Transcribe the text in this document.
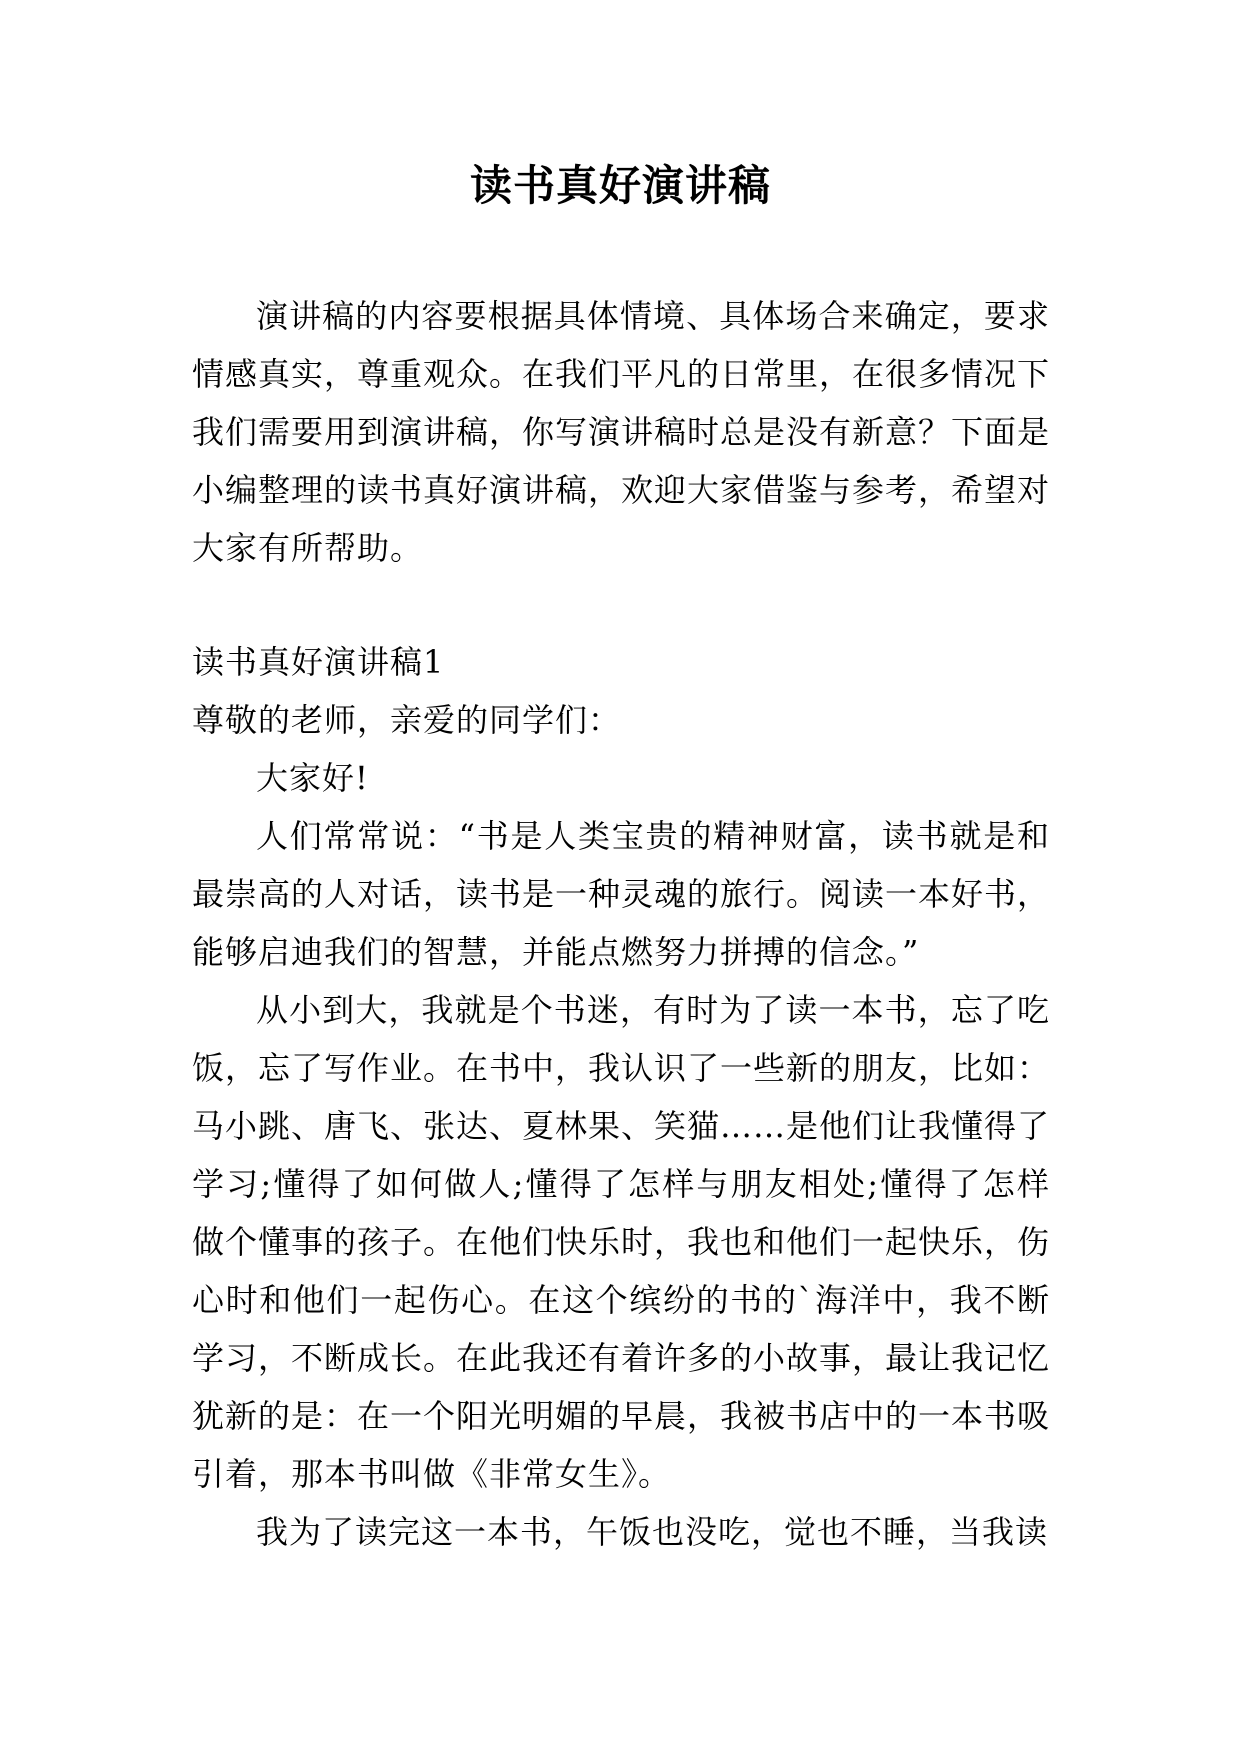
读书真好演讲稿

演讲稿的内容要根据具体情境、具体场合来确定，要求情感真实，尊重观众。在我们平凡的日常里，在很多情况下我们需要用到演讲稿，你写演讲稿时总是没有新意？下面是小编整理的读书真好演讲稿，欢迎大家借鉴与参考，希望对大家有所帮助。

读书真好演讲稿1

尊敬的老师，亲爱的同学们：

大家好!

人们常常说：“书是人类宝贵的精神财富，读书就是和最崇高的人对话，读书是一种灵魂的旅行。阅读一本好书，能够启迪我们的智慧，并能点燃努力拼搏的信念。”

从小到大，我就是个书迷，有时为了读一本书，忘了吃饭，忘了写作业。在书中，我认识了一些新的朋友，比如：马小跳、唐飞、张达、夏林果、笑猫……是他们让我懂得了学习;懂得了如何做人;懂得了怎样与朋友相处;懂得了怎样做个懂事的孩子。在他们快乐时，我也和他们一起快乐，伤心时和他们一起伤心。在这个缤纷的书的`海洋中，我不断学习，不断成长。在此我还有着许多的小故事，最让我记忆犹新的是：在一个阳光明媚的早晨，我被书店中的一本书吸引着，那本书叫做《非常女生》。

我为了读完这一本书，午饭也没吃，觉也不睡，当我读
